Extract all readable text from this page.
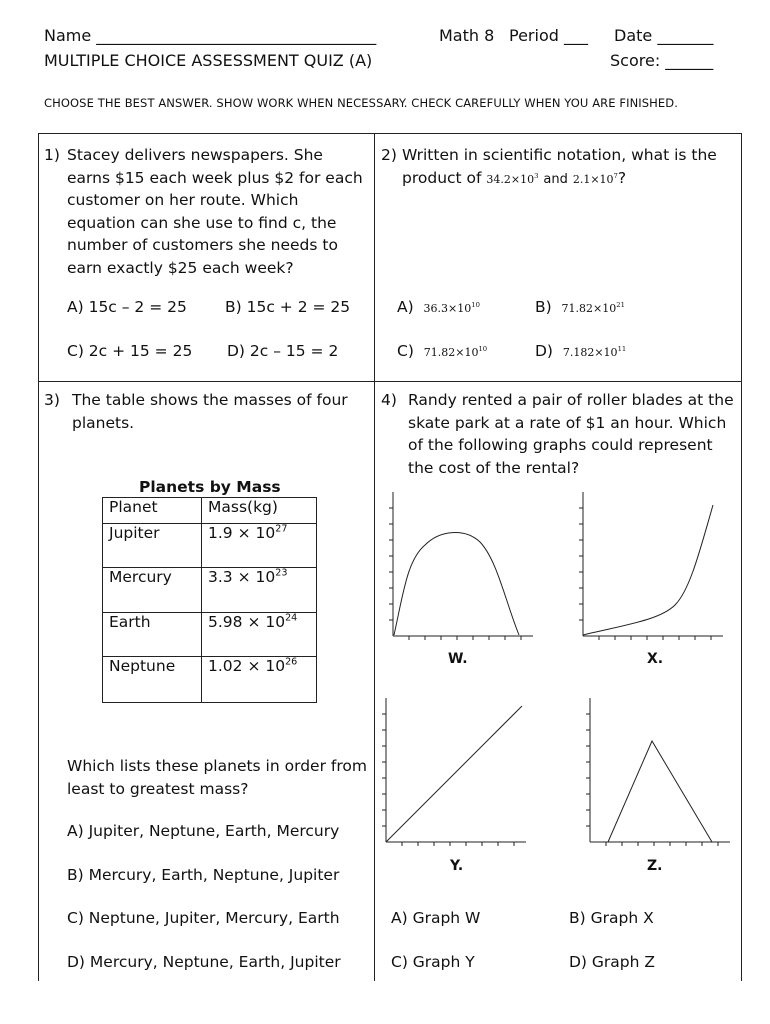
Name ___________________________________	Math 8 Period ___ Date _______
MULTIPLE CHOICE ASSESSMENT QUIZ (A)	Score: ______
CHOOSE THE BEST ANSWER. SHOW WORK WHEN NECESSARY. CHECK CAREFULLY WHEN YOU ARE FINISHED.
1) Stacey delivers newspapers. She earns $15 each week plus $2 for each customer on her route. Which equation can she use to find c, the number of customers she needs to earn exactly $25 each week?
A) 15c – 2 = 25 B) 15c + 2 = 25
C) 2c + 15 = 25 D) 2c – 15 = 2
2) Written in scientific notation, what is the product of $34.2\times 10^3$ and $2.1\times 10^7$?
A) $36.3\times 10^{10}$	B) $71.82\times 10^{21}$
C) $71.82\times 10^{10}$	D) $7.182\times 10^{11}$
3) The table shows the masses of four planets.
Planets by Mass
Planet	Mass(kg)
Jupiter	$1.9 \times 10^{27}$
Mercury	$3.3 \times 10^{23}$
Earth	$5.98 \times 10^{24}$
Neptune	$1.02 \times 10^{26}$
Which lists these planets in order from least to greatest mass?
A) Jupiter, Neptune, Earth, Mercury
B) Mercury, Earth, Neptune, Jupiter
C) Neptune, Jupiter, Mercury, Earth
D) Mercury, Neptune, Earth, Jupiter
4) Randy rented a pair of roller blades at the skate park at a rate of $1 an hour. Which of the following graphs could represent the cost of the rental?
W.	X.
Y.	Z.
A) Graph W	B) Graph X
C) Graph Y	D) Graph Z
